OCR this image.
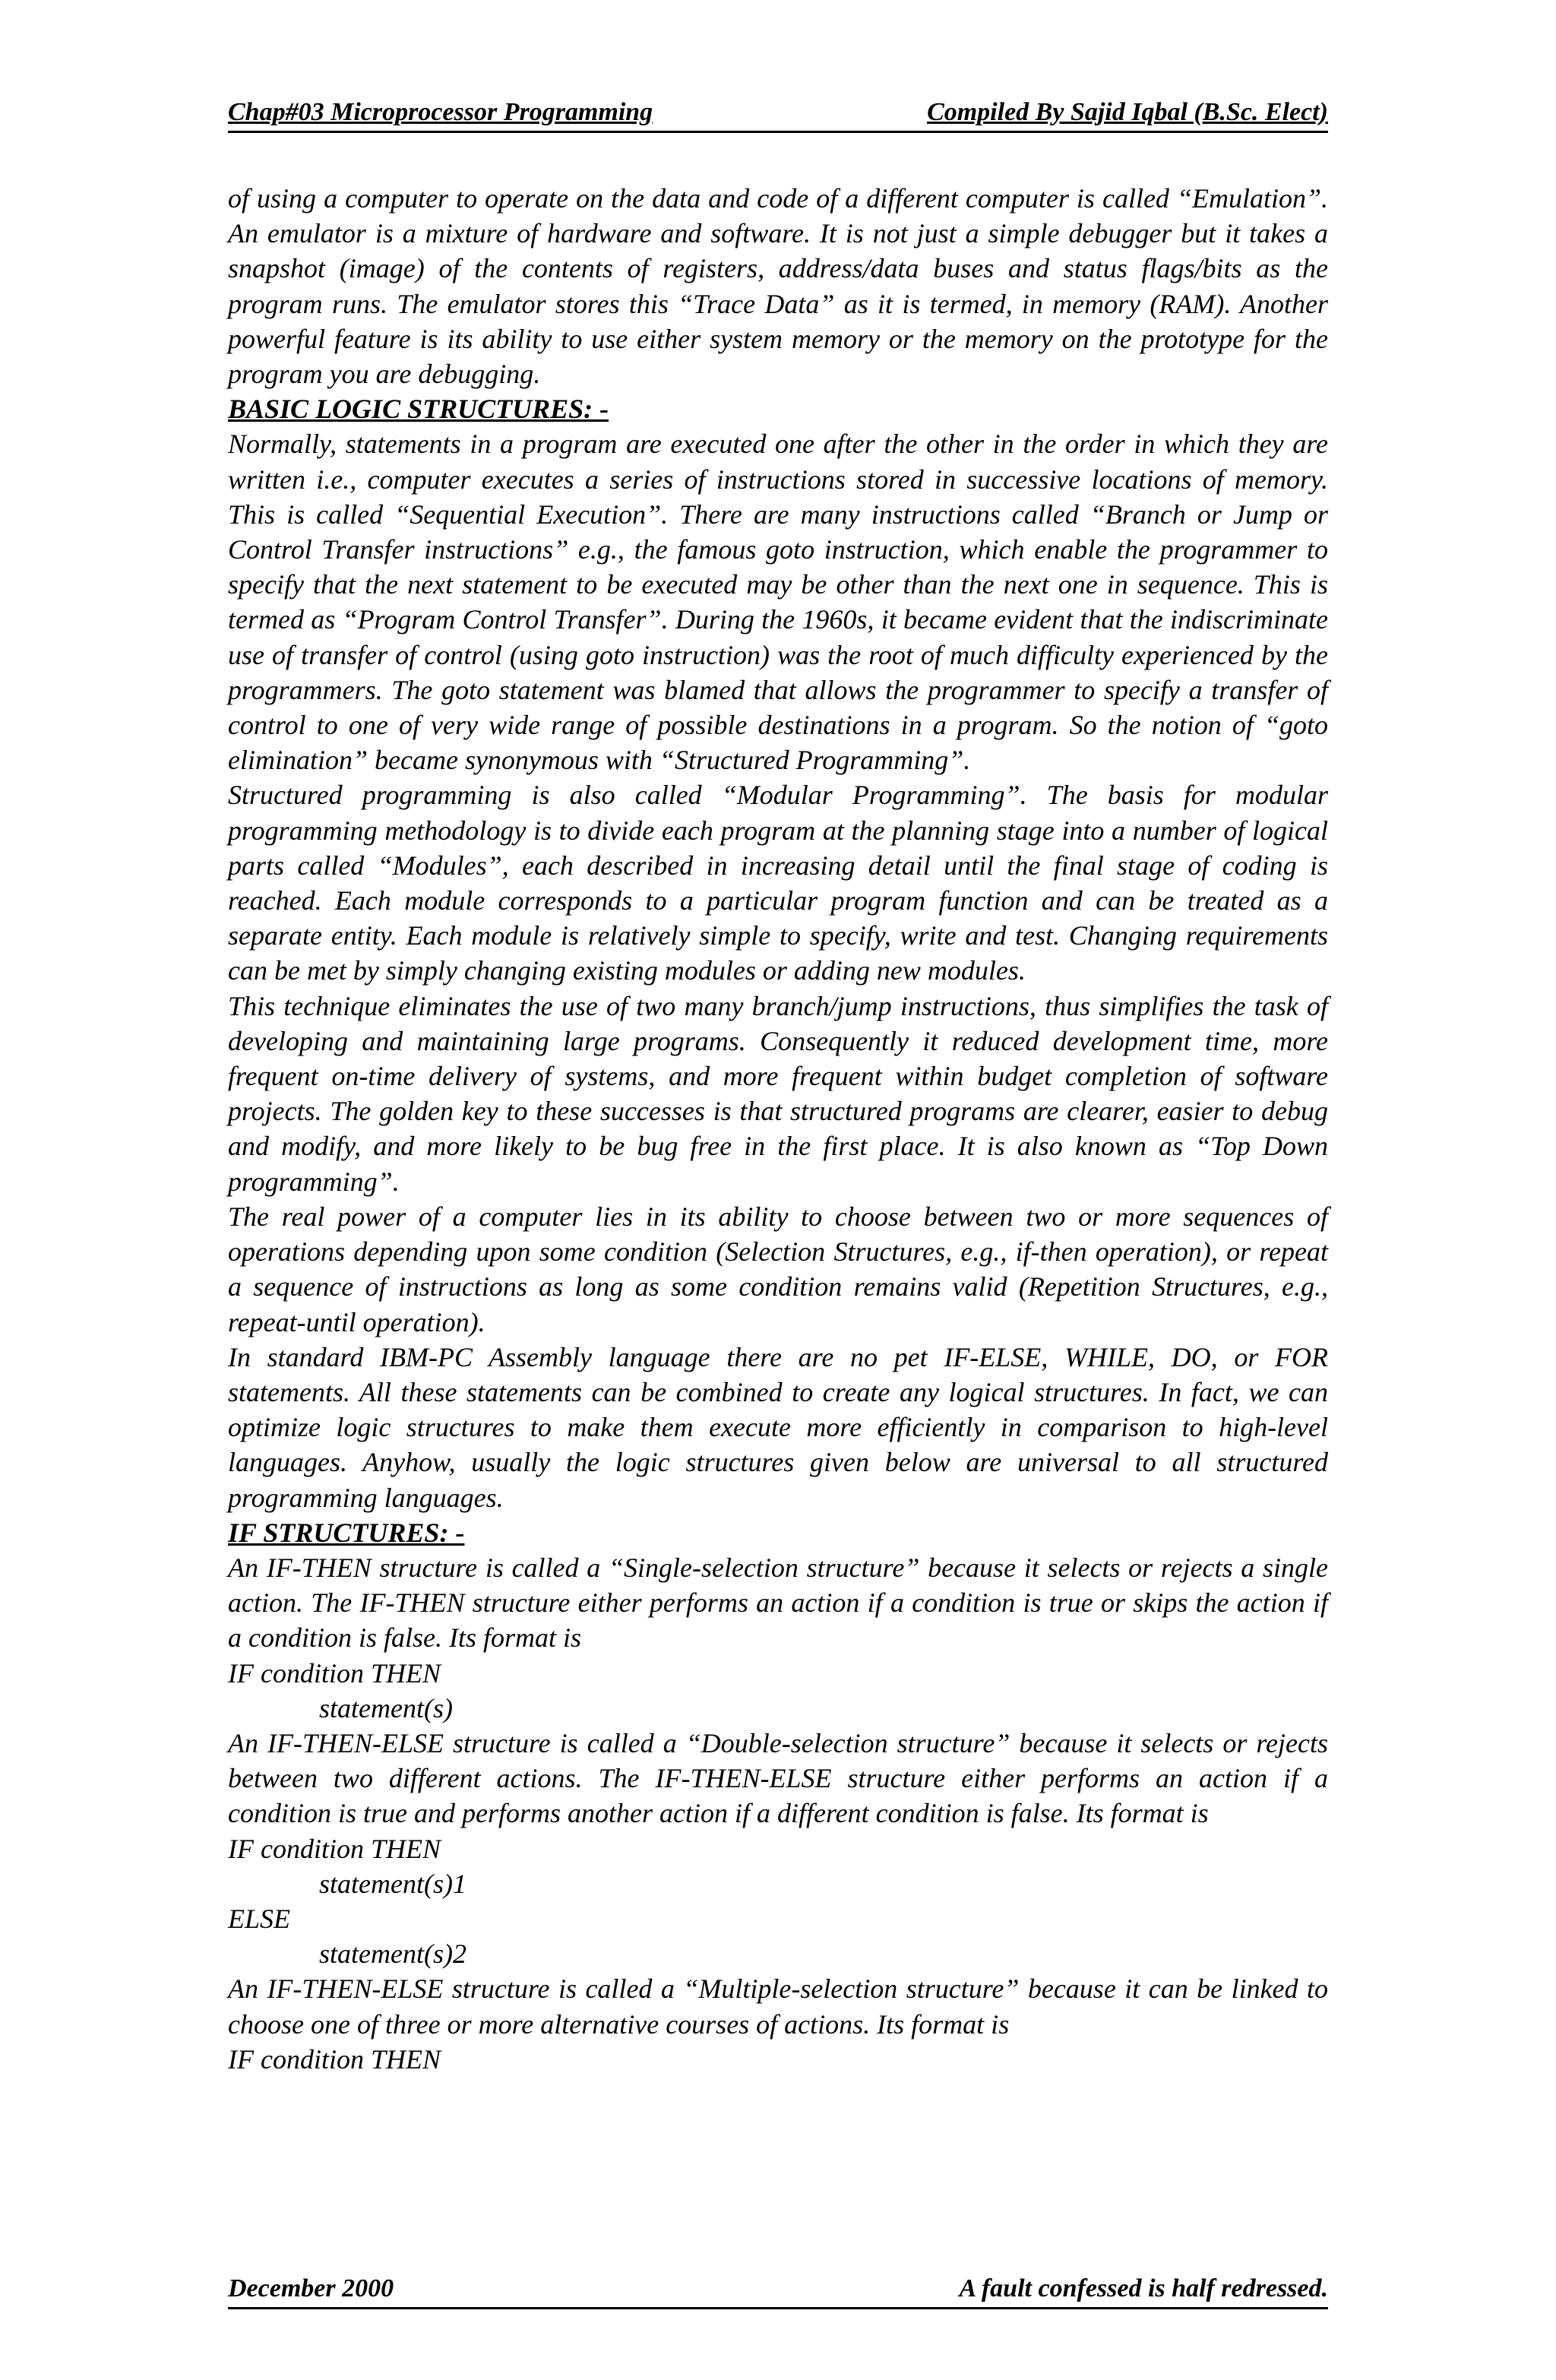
Chap#03 Microprocessor Programming	Compiled By Sajid Iqbal (B.Sc. Elect)

of using a computer to operate on the data and code of a different computer is called “Emulation”. An emulator is a mixture of hardware and software. It is not just a simple debugger but it takes a snapshot (image) of the contents of registers, address/data buses and status flags/bits as the program runs. The emulator stores this “Trace Data” as it is termed, in memory (RAM). Another powerful feature is its ability to use either system memory or the memory on the prototype for the program you are debugging.

BASIC LOGIC STRUCTURES: -

Normally, statements in a program are executed one after the other in the order in which they are written i.e., computer executes a series of instructions stored in successive locations of memory. This is called “Sequential Execution”. There are many instructions called “Branch or Jump or Control Transfer instructions” e.g., the famous goto instruction, which enable the programmer to specify that the next statement to be executed may be other than the next one in sequence. This is termed as “Program Control Transfer”. During the 1960s, it became evident that the indiscriminate use of transfer of control (using goto instruction) was the root of much difficulty experienced by the programmers. The goto statement was blamed that allows the programmer to specify a transfer of control to one of very wide range of possible destinations in a program. So the notion of “goto elimination” became synonymous with “Structured Programming”.

Structured programming is also called “Modular Programming”. The basis for modular programming methodology is to divide each program at the planning stage into a number of logical parts called “Modules”, each described in increasing detail until the final stage of coding is reached. Each module corresponds to a particular program function and can be treated as a separate entity. Each module is relatively simple to specify, write and test. Changing requirements can be met by simply changing existing modules or adding new modules.

This technique eliminates the use of two many branch/jump instructions, thus simplifies the task of developing and maintaining large programs. Consequently it reduced development time, more frequent on-time delivery of systems, and more frequent within budget completion of software projects. The golden key to these successes is that structured programs are clearer, easier to debug and modify, and more likely to be bug free in the first place. It is also known as “Top Down programming”.

The real power of a computer lies in its ability to choose between two or more sequences of operations depending upon some condition (Selection Structures, e.g., if-then operation), or repeat a sequence of instructions as long as some condition remains valid (Repetition Structures, e.g., repeat-until operation).

In standard IBM-PC Assembly language there are no pet IF-ELSE, WHILE, DO, or FOR statements. All these statements can be combined to create any logical structures. In fact, we can optimize logic structures to make them execute more efficiently in comparison to high-level languages. Anyhow, usually the logic structures given below are universal to all structured programming languages.

IF STRUCTURES: -

An IF-THEN structure is called a “Single-selection structure” because it selects or rejects a single action. The IF-THEN structure either performs an action if a condition is true or skips the action if a condition is false. Its format is

IF condition THEN
statement(s)

An IF-THEN-ELSE structure is called a “Double-selection structure” because it selects or rejects between two different actions. The IF-THEN-ELSE structure either performs an action if a condition is true and performs another action if a different condition is false. Its format is

IF condition THEN
statement(s)1
ELSE
statement(s)2

An IF-THEN-ELSE structure is called a “Multiple-selection structure” because it can be linked to choose one of three or more alternative courses of actions. Its format is

IF condition THEN
December 2000	A fault confessed is half redressed.
